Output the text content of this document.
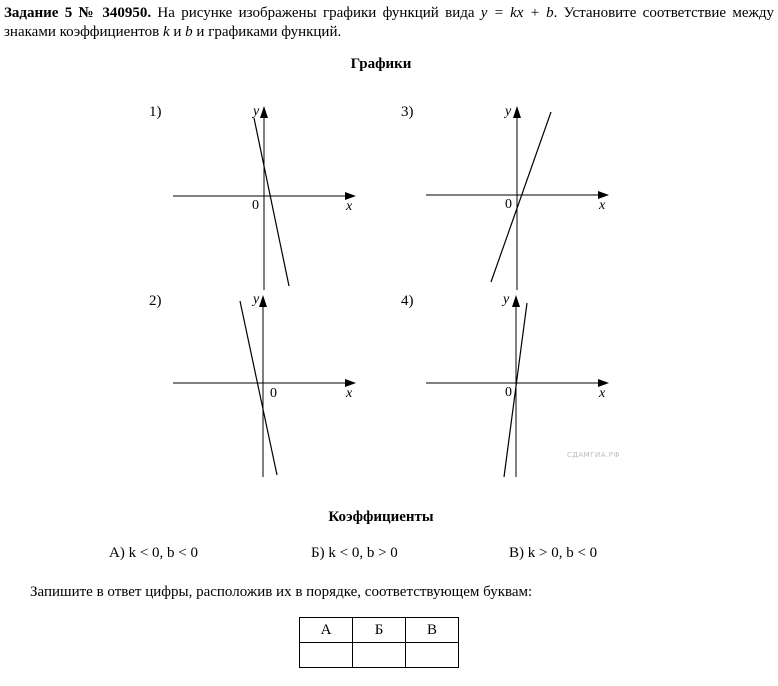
Задание 5 № 340950. На рисунке изображены графики функций вида y = kx + b. Установите соответствие между знаками коэффициентов k и b и графиками функций.
Графики
1)
x
y
0
2)
x
y
0
3)
x
y
0
4)
x
y
0
СДАМГИА.РФ
Коэффициенты
А) k < 0, b < 0	Б) k < 0, b > 0	В) k > 0, b < 0
Запишите в ответ цифры, расположив их в порядке, соответствующем буквам:
А	Б	В
